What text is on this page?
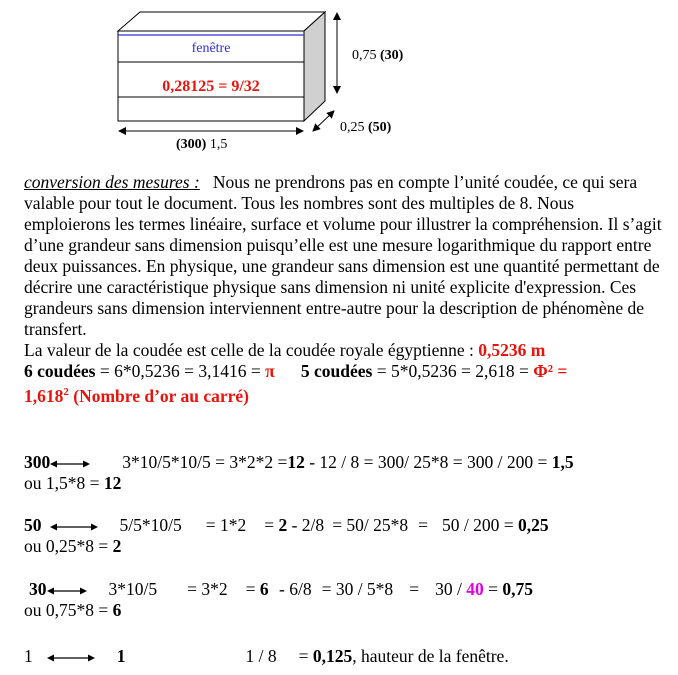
fenêtre
0,28125 = 9/32
0,75 (30)
0,25 (50)
(300) 1,5
conversion des mesures : Nous ne prendrons pas en compte l’unité coudée, ce qui sera valable pour tout le document. Tous les nombres sont des multiples de 8. Nous emploierons les termes linéaire, surface et volume pour illustrer la compréhension. Il s’agit d’une grandeur sans dimension puisqu’elle est une mesure logarithmique du rapport entre deux puissances. En physique, une grandeur sans dimension est une quantité permettant de décrire une caractéristique physique sans dimension ni unité explicite d'expression. Ces grandeurs sans dimension interviennent entre-autre pour la description de phénomène de transfert.
La valeur de la coudée est celle de la coudée royale égyptienne : 0,5236 m
6 coudées = 6*0,5236 = 3,1416 = π 5 coudées = 5*0,5236 = 2,618 = Φ² =
$1,618^2$ (Nombre d’or au carré)
300	3*10/5*10/5 = 3*2*2 =12 - 12 / 8 = 300/ 25*8 = 300 / 200 = 1,5
ou 1,5*8 = 12
50	5/5*10/5 = 1*2 = 2 - 2/8 = 50/ 25*8 = 50 / 200 = 0,25
ou 0,25*8 = 2
30	3*10/5 = 3*2 = 6 - 6/8 = 30 / 5*8 = 30 / 40 = 0,75
ou 0,75*8 = 6
1	1	1 / 8 = 0,125, hauteur de la fenêtre.
